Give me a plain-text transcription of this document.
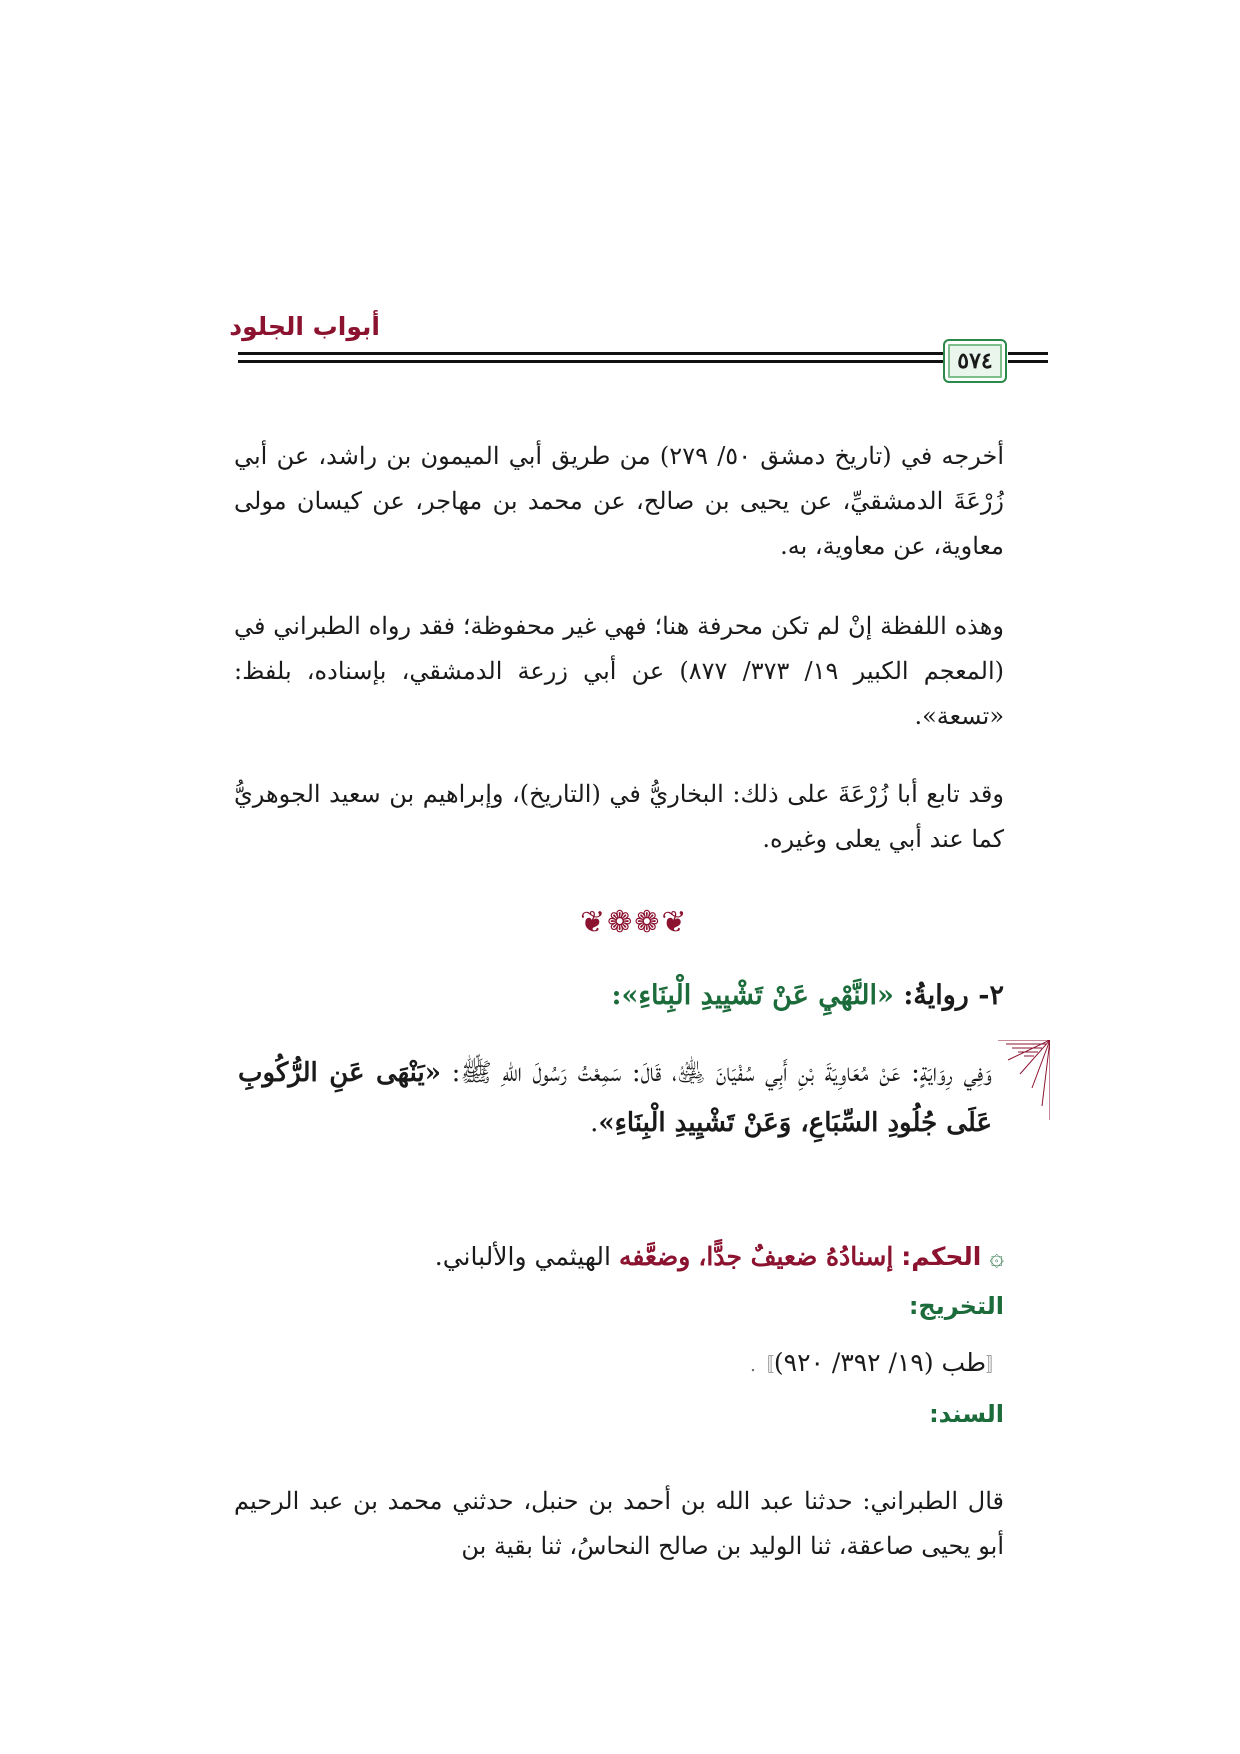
أبواب الجلود
٥٧٤

أخرجه في (تاريخ دمشق ٥٠/ ٢٧٩) من طريق أبي الميمون بن راشد، عن أبي زُرْعَةَ الدمشقيِّ، عن يحيى بن صالح، عن محمد بن مهاجر، عن كيسان مولى معاوية، عن معاوية، به.

وهذه اللفظة إنْ لم تكن محرفة هنا؛ فهي غير محفوظة؛ فقد رواه الطبراني في (المعجم الكبير ١٩/ ٣٧٣/ ٨٧٧) عن أبي زرعة الدمشقي، بإسناده، بلفظ: «تسعة».

وقد تابع أبا زُرْعَةَ على ذلك: البخاريُّ في (التاريخ)، وإبراهيم بن سعيد الجوهريُّ كما عند أبي يعلى وغيره.

❦❁❁❦
٢- روايةُ: «النَّهْيِ عَنْ تَشْيِيدِ الْبِنَاءِ»:
وَفِي رِوَايَةٍ: عَنْ مُعَاوِيَةَ بْنِ أَبِي سُفْيَانَ ﵁، قَالَ: سَمِعْتُ رَسُولَ اللهِ ﷺ: «يَنْهَى عَنِ الرُّكُوبِ عَلَى جُلُودِ السِّبَاعِ، وَعَنْ تَشْيِيدِ الْبِنَاءِ».
۞ الحكم: إسنادُهُ ضعيفٌ جدًّا، وضعَّفه الهيثمي والألباني.
التخريج:
〚طب (١٩/ ٣٩٢/ ٩٢٠)〛.
السند:

قال الطبراني: حدثنا عبد الله بن أحمد بن حنبل، حدثني محمد بن عبد الرحيم أبو يحيى صاعقة، ثنا الوليد بن صالح النحاسُ، ثنا بقية بن
